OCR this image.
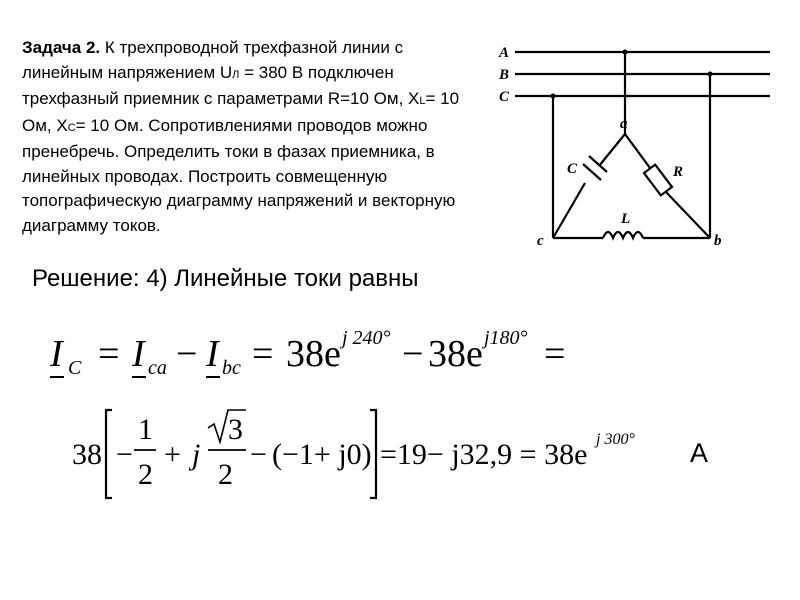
Задача 2. К трехпроводной трехфазной линии с линейным напряжением UЛ = 380 В подключен трехфазный приемник с параметрами R=10 Ом, XL= 10 Ом, XC= 10 Ом. Сопротивлениями проводов можно пренебречь. Определить токи в фазах приемника, в линейных проводах. Построить совмещенную топографическую диаграмму напряжений и векторную диаграмму токов.
A
B
C
a
b
c
C	R
L
Решение: 4) Линейные токи равны
I C = I ca − I bc = 38e j 240° − 38e j180° =
38 −
1
2
+ j
3
2
− (−1+ j0) =19− j32,9 = 38e j 300° А
